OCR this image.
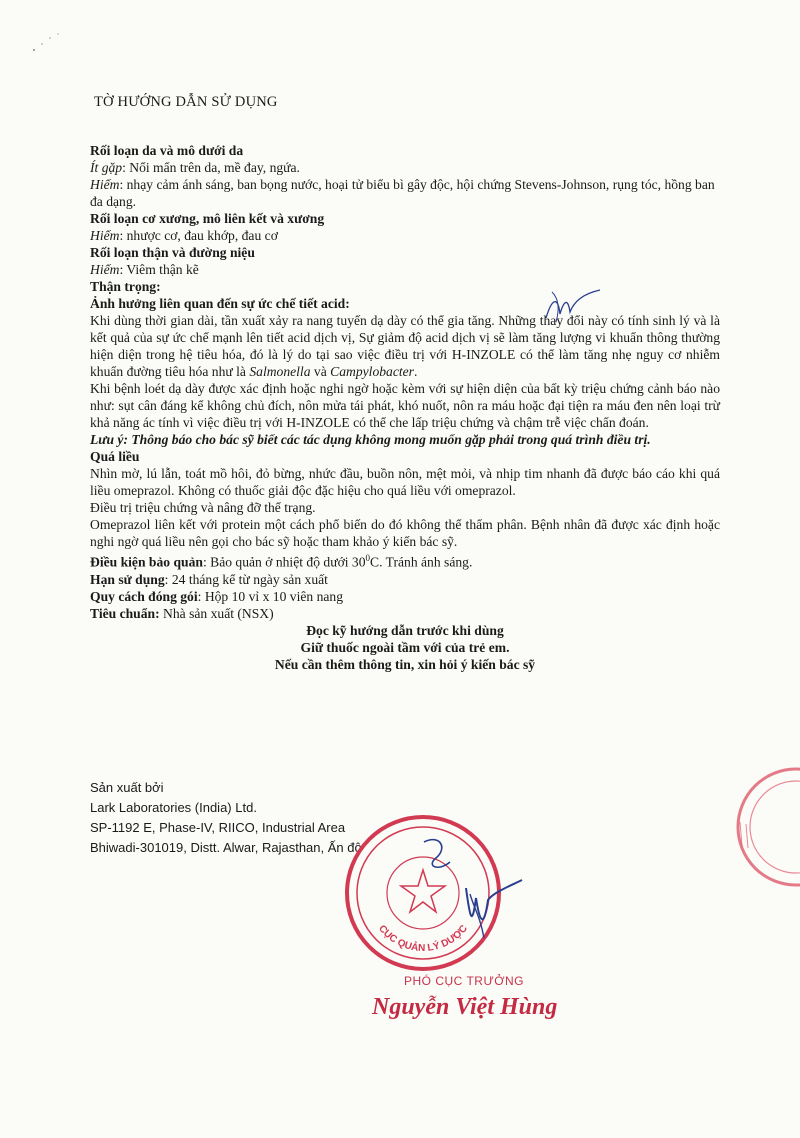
TỜ HƯỚNG DẪN SỬ DỤNG

Rối loạn da và mô dưới da

Ít gặp: Nổi mẩn trên da, mề đay, ngứa.

Hiếm: nhạy cảm ánh sáng, ban bọng nước, hoại tử biểu bì gây độc, hội chứng Stevens-Johnson, rụng tóc, hồng ban đa dạng.

Rối loạn cơ xương, mô liên kết và xương

Hiếm: nhược cơ, đau khớp, đau cơ

Rối loạn thận và đường niệu

Hiếm: Viêm thận kẽ

Thận trọng:

Ảnh hưởng liên quan đến sự ức chế tiết acid:

Khi dùng thời gian dài, tần xuất xảy ra nang tuyến dạ dày có thể gia tăng. Những thay đổi này có tính sinh lý và là kết quả của sự ức chế mạnh lên tiết acid dịch vị, Sự giảm độ acid dịch vị sẽ làm tăng lượng vi khuẩn thông thường hiện diện trong hệ tiêu hóa, đó là lý do tại sao việc điều trị với H-INZOLE có thể làm tăng nhẹ nguy cơ nhiễm khuẩn đường tiêu hóa như là Salmonella và Campylobacter.

Khi bệnh loét dạ dày được xác định hoặc nghi ngờ hoặc kèm với sự hiện diện của bất kỳ triệu chứng cảnh báo nào như: sụt cân đáng kể không chủ đích, nôn mửa tái phát, khó nuốt, nôn ra máu hoặc đại tiện ra máu đen nên loại trừ khả năng ác tính vì việc điều trị với H-INZOLE có thể che lấp triệu chứng và chậm trễ việc chẩn đoán.

Lưu ý: Thông báo cho bác sỹ biết các tác dụng không mong muốn gặp phải trong quá trình điều trị.

Quá liều

Nhìn mờ, lú lẫn, toát mồ hôi, đỏ bừng, nhức đầu, buồn nôn, mệt mỏi, và nhịp tim nhanh đã được báo cáo khi quá liều omeprazol. Không có thuốc giải độc đặc hiệu cho quá liều với omeprazol.

Điều trị triệu chứng và nâng đỡ thể trạng.

Omeprazol liên kết với protein một cách phổ biến do đó không thể thẩm phân. Bệnh nhân đã được xác định hoặc nghi ngờ quá liều nên gọi cho bác sỹ hoặc tham khảo ý kiến bác sỹ.

Điều kiện bảo quản: Bảo quản ở nhiệt độ dưới $30^0C$. Tránh ánh sáng.

Hạn sử dụng: 24 tháng kể từ ngày sản xuất

Quy cách đóng gói: Hộp 10 vỉ x 10 viên nang

Tiêu chuẩn: Nhà sản xuất (NSX)

Đọc kỹ hướng dẫn trước khi dùng

Giữ thuốc ngoài tầm với của trẻ em.

Nếu cần thêm thông tin, xin hỏi ý kiến bác sỹ

Sản xuất bởi
Lark Laboratories (India) Ltd.
SP-1192 E, Phase-IV, RIICO, Industrial Area
Bhiwadi-301019, Distt. Alwar, Rajasthan, Ấn độ
CỤC QUẢN LÝ DƯỢC
PHÓ CỤC TRƯỞNG
Nguyễn Việt Hùng
